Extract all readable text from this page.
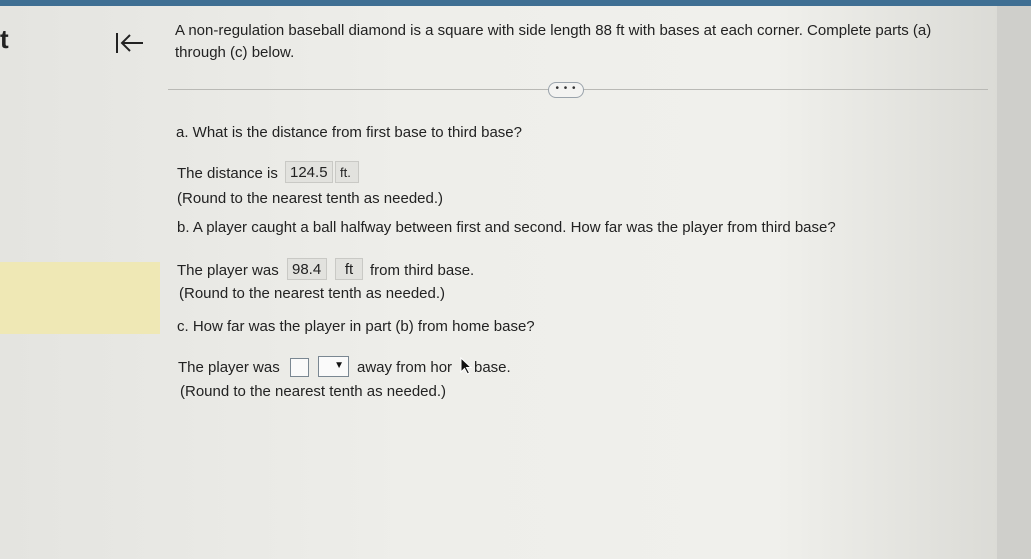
t	A non-regulation baseball diamond is a square with side length 88 ft with bases at each corner. Complete parts (a) through (c) below.
• • •
a. What is the distance from first base to third base?
The distance is 124.5 ft.
(Round to the nearest tenth as needed.)
b. A player caught a ball halfway between first and second. How far was the player from third base?
The player was 98.4	ft	from third base.
(Round to the nearest tenth as needed.)
c. How far was the player in part (b) from home base?
The player was	▼ away from hor base.
(Round to the nearest tenth as needed.)
